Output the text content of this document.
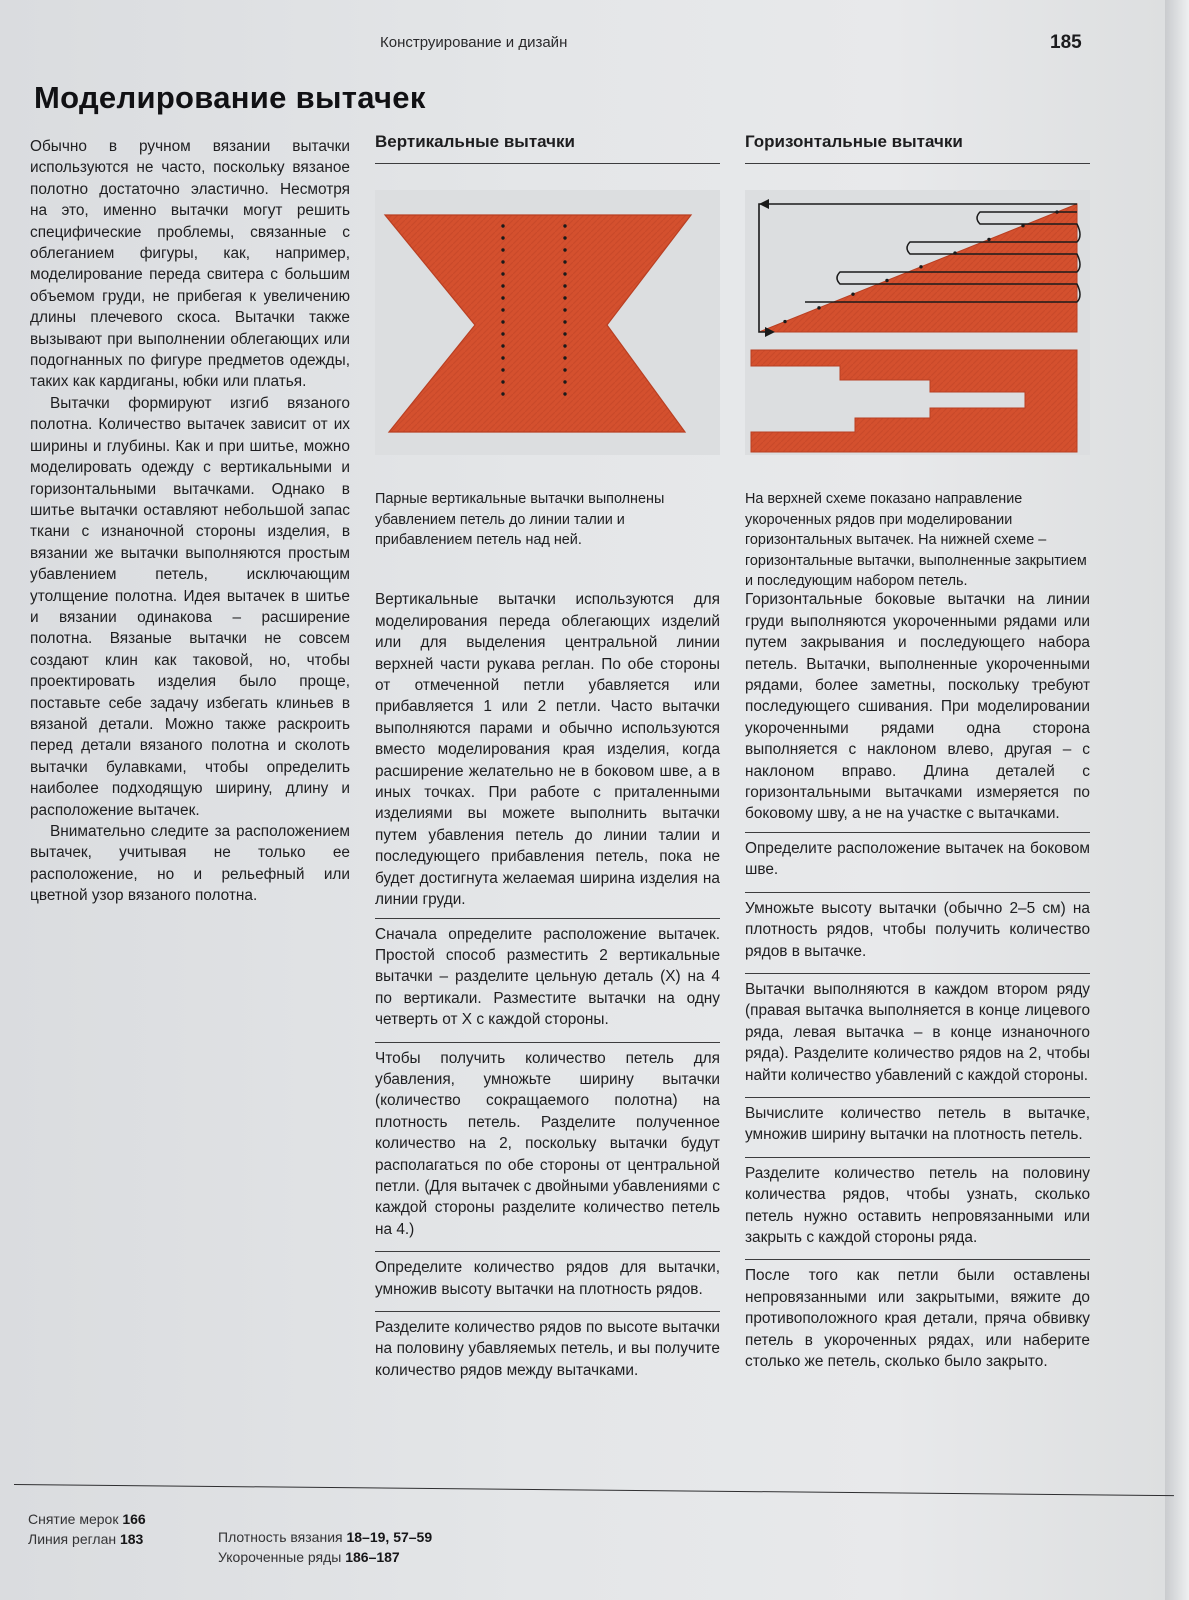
Конструирование и дизайн	185
Моделирование вытачек

Обычно в ручном вязании вытачки используются не часто, поскольку вязаное полотно достаточно эластично. Несмотря на это, именно вытачки могут решить специфические проблемы, связанные с облеганием фигуры, как, например, моделирование переда свитера с большим объемом груди, не прибегая к увеличению длины плечевого скоса. Вытачки также вызывают при выполнении облегающих или подогнанных по фигуре предметов одежды, таких как кардиганы, юбки или платья.

Вытачки формируют изгиб вязаного полотна. Количество вытачек зависит от их ширины и глубины. Как и при шитье, можно моделировать одежду с вертикальными и горизонтальными вытачками. Однако в шитье вытачки оставляют небольшой запас ткани с изнаночной стороны изделия, в вязании же вытачки выполняются простым убавлением петель, исключающим утолщение полотна. Идея вытачек в шитье и вязании одинакова – расширение полотна. Вязаные вытачки не совсем создают клин как таковой, но, чтобы проектировать изделия было проще, поставьте себе задачу избегать клиньев в вязаной детали. Можно также раскроить перед детали вязаного полотна и сколоть вытачки булавками, чтобы определить наиболее подходящую ширину, длину и расположение вытачек.

Внимательно следите за расположением вытачек, учитывая не только ее расположение, но и рельефный или цветной узор вязаного полотна.

Вертикальные вытачки
Парные вертикальные вытачки выполнены убавлением петель до линии талии и прибавлением петель над ней.

Вертикальные вытачки используются для моделирования переда облегающих изделий или для выделения центральной линии верхней части рукава реглан. По обе стороны от отмеченной петли убавляется или прибавляется 1 или 2 петли. Часто вытачки выполняются парами и обычно используются вместо моделирования края изделия, когда расширение желательно не в боковом шве, а в иных точках. При работе с приталенными изделиями вы можете выполнить вытачки путем убавления петель до линии талии и последующего прибавления петель, пока не будет достигнута желаемая ширина изделия на линии груди.

Сначала определите расположение вытачек. Простой способ разместить 2 вертикальные вытачки – разделите цельную деталь (X) на 4 по вертикали. Разместите вытачки на одну четверть от X с каждой стороны.
Чтобы получить количество петель для убавления, умножьте ширину вытачки (количество сокращаемого полотна) на плотность петель. Разделите полученное количество на 2, поскольку вытачки будут располагаться по обе стороны от центральной петли. (Для вытачек с двойными убавлениями с каждой стороны разделите количество петель на 4.)
Определите количество рядов для вытачки, умножив высоту вытачки на плотность рядов.
Разделите количество рядов по высоте вытачки на половину убавляемых петель, и вы получите количество рядов между вытачками.
Горизонтальные вытачки
На верхней схеме показано направление укороченных рядов при моделировании горизонтальных вытачек. На нижней схеме – горизонтальные вытачки, выполненные закрытием и последующим набором петель.

Горизонтальные боковые вытачки на линии груди выполняются укороченными рядами или путем закрывания и последующего набора петель. Вытачки, выполненные укороченными рядами, более заметны, поскольку требуют последующего сшивания. При моделировании укороченными рядами одна сторона выполняется с наклоном влево, другая – с наклоном вправо. Длина деталей с горизонтальными вытачками измеряется по боковому шву, а не на участке с вытачками.

Определите расположение вытачек на боковом шве.
Умножьте высоту вытачки (обычно 2–5 см) на плотность рядов, чтобы получить количество рядов в вытачке.
Вытачки выполняются в каждом втором ряду (правая вытачка выполняется в конце лицевого ряда, левая вытачка – в конце изнаночного ряда). Разделите количество рядов на 2, чтобы найти количество убавлений с каждой стороны.
Вычислите количество петель в вытачке, умножив ширину вытачки на плотность петель.
Разделите количество петель на половину количества рядов, чтобы узнать, сколько петель нужно оставить непровязанными или закрыть с каждой стороны ряда.
После того как петли были оставлены непровязанными или закрытыми, вяжите до противоположного края детали, пряча обвивку петель в укороченных рядах, или наберите столько же петель, сколько было закрыто.
Снятие мерок 166
Линия реглан 183	Плотность вязания 18–19, 57–59
Укороченные ряды 186–187
